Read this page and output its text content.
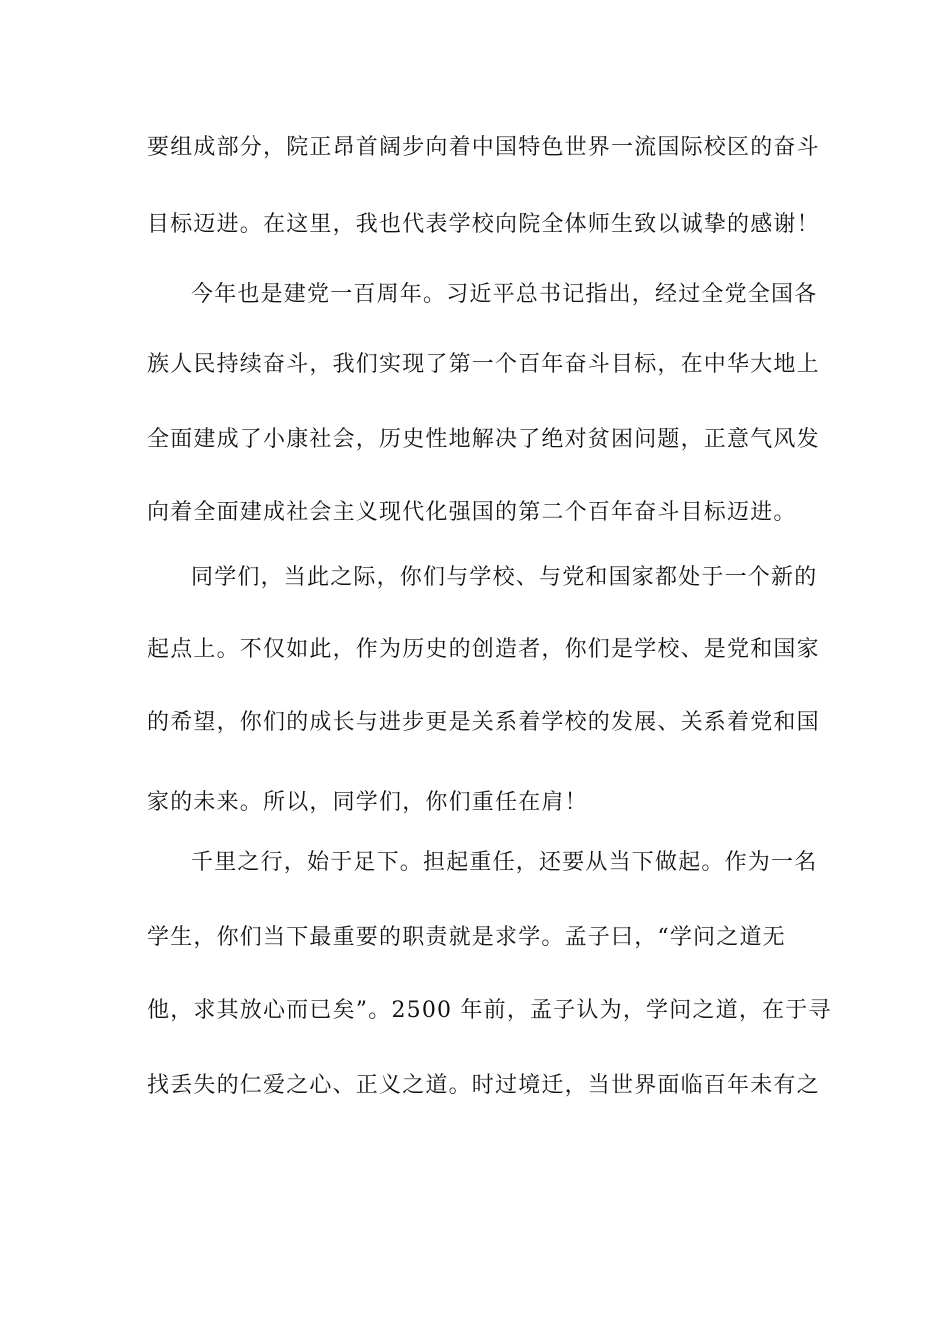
要组成部分，院正昂首阔步向着中国特色世界一流国际校区的奋斗
目标迈进。在这里，我也代表学校向院全体师生致以诚挚的感谢！
今年也是建党一百周年。习近平总书记指出，经过全党全国各
族人民持续奋斗，我们实现了第一个百年奋斗目标，在中华大地上
全面建成了小康社会，历史性地解决了绝对贫困问题，正意气风发
向着全面建成社会主义现代化强国的第二个百年奋斗目标迈进。
同学们，当此之际，你们与学校、与党和国家都处于一个新的
起点上。不仅如此，作为历史的创造者，你们是学校、是党和国家
的希望，你们的成长与进步更是关系着学校的发展、关系着党和国
家的未来。所以，同学们，你们重任在肩！
千里之行，始于足下。担起重任，还要从当下做起。作为一名
学生，你们当下最重要的职责就是求学。孟子曰，“学问之道无
他，求其放心而已矣”。2500 年前，孟子认为，学问之道，在于寻
找丢失的仁爱之心、正义之道。时过境迁，当世界面临百年未有之
